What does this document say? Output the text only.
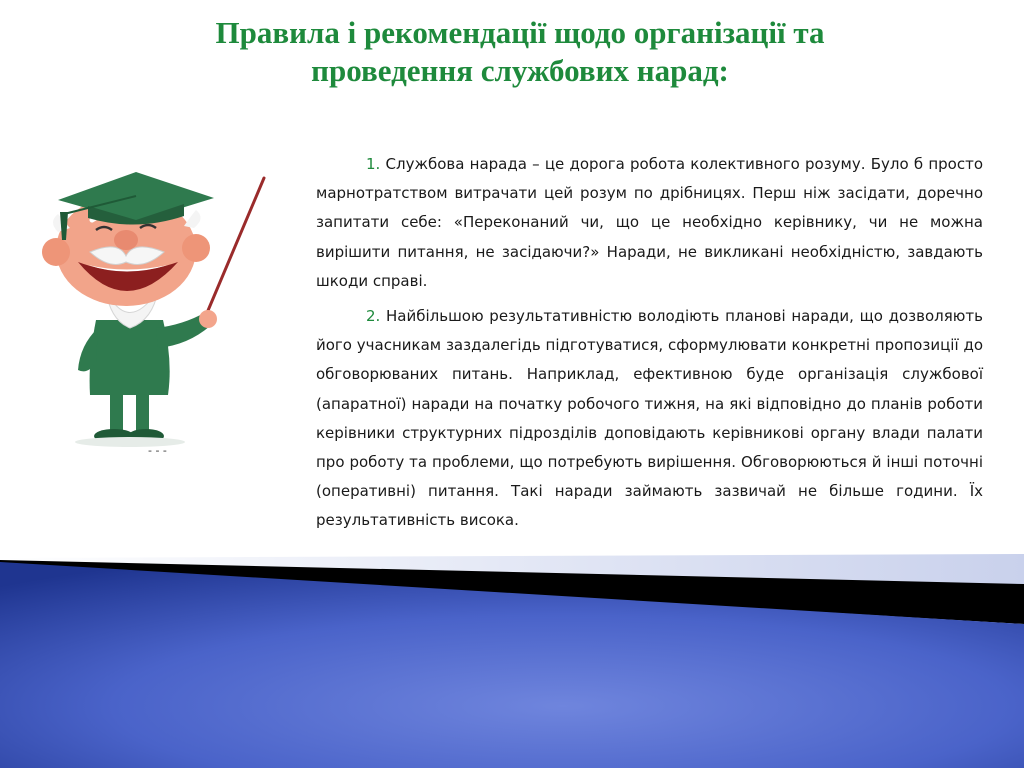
Правила і рекомендації щодо організації та
проведення службових нарад:
- - -

1. Службова нарада – це дорога робота колективного розуму. Було б просто марнотратством витрачати цей розум по дрібницях. Перш ніж засідати, доречно запитати себе: «Переконаний чи, що це необхідно керівнику, чи не можна вирішити питання, не засідаючи?» Наради, не викликані необхідністю, завдають шкоди справі.

2. Найбільшою результативністю володіють планові наради, що дозволяють його учасникам заздалегідь підготуватися, сформулювати конкретні пропозиції до обговорюваних питань. Наприклад, ефективною буде організація службової (апаратної) наради на початку робочого тижня, на які відповідно до планів роботи керівники структурних підрозділів доповідають керівникові органу влади палати про роботу та проблеми, що потребують вирішення. Обговорюються й інші поточні (оперативні) питання. Такі наради займають зазвичай не більше години. Їх результативність висока.
